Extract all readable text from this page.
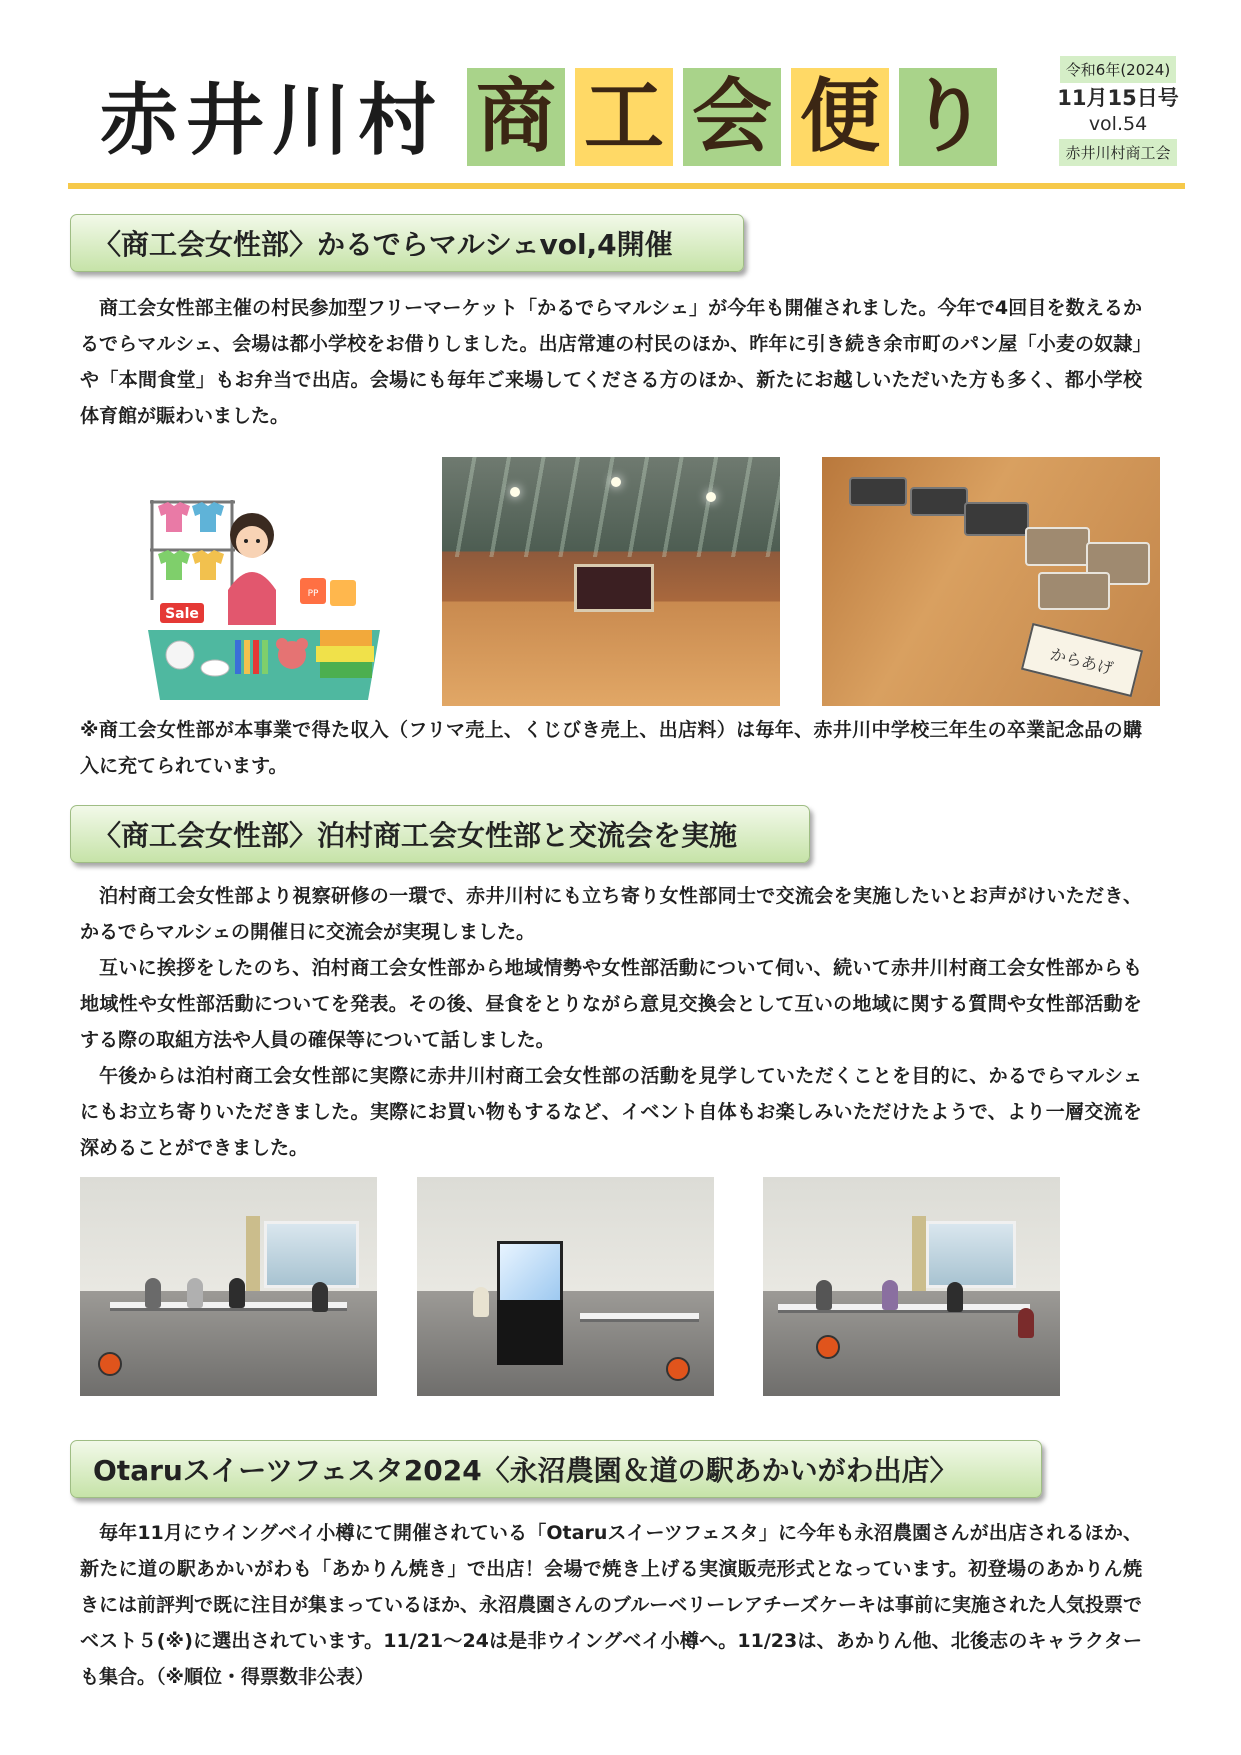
赤井川村 商 工 会 便 り	令和6年(2024)
11月15日号
vol.54
赤井川村商工会
〈商工会女性部〉かるでらマルシェvol,4開催

商工会女性部主催の村民参加型フリーマーケット「かるでらマルシェ」が今年も開催されました。今年で4回目を数えるかるでらマルシェ、会場は都小学校をお借りしました。出店常連の村民のほか、昨年に引き続き余市町のパン屋「小麦の奴隷」や「本間食堂」もお弁当で出店。会場にも毎年ご来場してくださる方のほか、新たにお越しいただいた方も多く、都小学校体育館が賑わいました。

Sale
PP
からあげ

※商工会女性部が本事業で得た収入（フリマ売上、くじびき売上、出店料）は毎年、赤井川中学校三年生の卒業記念品の購入に充てられています。

〈商工会女性部〉泊村商工会女性部と交流会を実施

泊村商工会女性部より視察研修の一環で、赤井川村にも立ち寄り女性部同士で交流会を実施したいとお声がけいただき、かるでらマルシェの開催日に交流会が実現しました。

互いに挨拶をしたのち、泊村商工会女性部から地域情勢や女性部活動について伺い、続いて赤井川村商工会女性部からも地域性や女性部活動についてを発表。その後、昼食をとりながら意見交換会として互いの地域に関する質問や女性部活動をする際の取組方法や人員の確保等について話しました。

午後からは泊村商工会女性部に実際に赤井川村商工会女性部の活動を見学していただくことを目的に、かるでらマルシェにもお立ち寄りいただきました。実際にお買い物もするなど、イベント自体もお楽しみいただけたようで、より一層交流を深めることができました。

Otaruスイーツフェスタ2024〈永沼農園＆道の駅あかいがわ出店〉

毎年11月にウイングベイ小樽にて開催されている「Otaruスイーツフェスタ」に今年も永沼農園さんが出店されるほか、新たに道の駅あかいがわも「あかりん焼き」で出店！会場で焼き上げる実演販売形式となっています。初登場のあかりん焼きには前評判で既に注目が集まっているほか、永沼農園さんのブルーベリーレアチーズケーキは事前に実施された人気投票でベスト５(※)に選出されています。11/21～24は是非ウイングベイ小樽へ。11/23は、あかりん他、北後志のキャラクターも集合。（※順位・得票数非公表）
